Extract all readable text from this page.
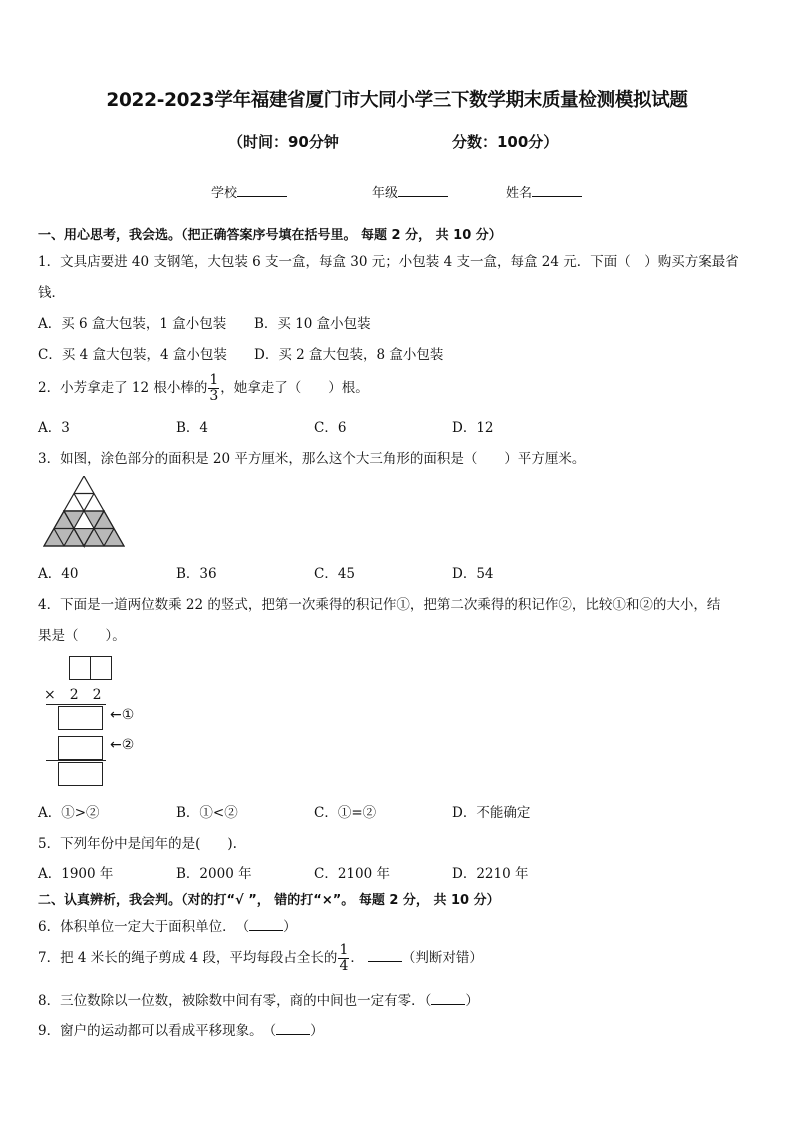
2022-2023学年福建省厦门市大同小学三下数学期末质量检测模拟试题
（时间：90分钟	分数：100分）
学校	年级	姓名
一、用心思考，我会选。（把正确答案序号填在括号里。 每题 2 分， 共 10 分）
1．文具店要进 40 支钢笔，大包装 6 支一盒，每盒 30 元；小包装 4 支一盒，每盒 24 元．下面（　）购买方案最省
钱．
A．买 6 盒大包装，1 盒小包装 B．买 10 盒小包装
C．买 4 盒大包装，4 盒小包装 D．买 2 盒大包装，8 盒小包装
2．小芳拿走了 12 根小棒的 $\frac{1}{3}$ ，她拿走了（　　）根。
A．3	B．4	C．6	D．12
3．如图，涂色部分的面积是 20 平方厘米，那么这个大三角形的面积是（　　）平方厘米。
A．40	B．36	C．45	D．54
4．下面是一道两位数乘 22 的竖式，把第一次乘得的积记作①，把第二次乘得的积记作②，比较①和②的大小，结
果是（　　）。
×　2　2
←①
←②
A．①>②	B．①<②	C．①=②	D．不能确定
5．下列年份中是闰年的是(　　).
A．1900 年	B．2000 年	C．2100 年	D．2210 年
二、认真辨析，我会判。（对的打“√ ”， 错的打“×”。 每题 2 分， 共 10 分）
6．体积单位一定大于面积单位．　（	）
7．把 4 米长的绳子剪成 4 段，平均每段占全长的 $\frac{1}{4}$ ．	（判断对错）
8．三位数除以一位数，被除数中间有零，商的中间也一定有零．（	）
9．窗户的运动都可以看成平移现象。　（	）
